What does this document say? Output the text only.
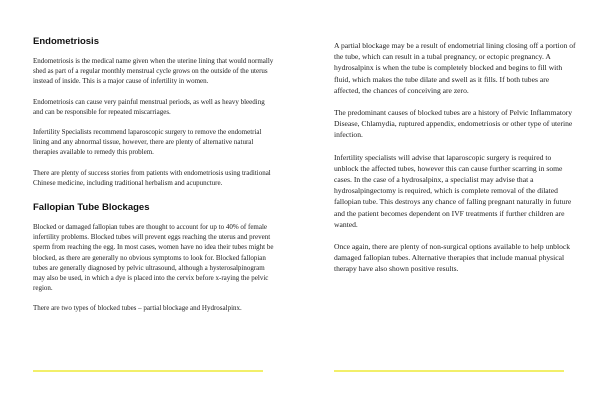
Endometriosis

Endometriosis is the medical name given when the uterine lining that would normally shed as part of a regular monthly menstrual cycle grows on the outside of the uterus instead of inside. This is a major cause of infertility in women.

Endometriosis can cause very painful menstrual periods, as well as heavy bleeding and can be responsible for repeated miscarriages.

Infertility Specialists recommend laparoscopic surgery to remove the endometrial lining and any abnormal tissue, however, there are plenty of alternative natural therapies available to remedy this problem.

There are plenty of success stories from patients with endometriosis using traditional Chinese medicine, including traditional herbalism and acupuncture.

Fallopian Tube Blockages

Blocked or damaged fallopian tubes are thought to account for up to 40% of female infertility problems. Blocked tubes will prevent eggs reaching the uterus and prevent sperm from reaching the egg. In most cases, women have no idea their tubes might be blocked, as there are generally no obvious symptoms to look for. Blocked fallopian tubes are generally diagnosed by pelvic ultrasound, although a hysterosalpinogram may also be used, in which a dye is placed into the cervix before x-raying the pelvic region.

There are two types of blocked tubes – partial blockage and Hydrosalpinx.

A partial blockage may be a result of endometrial lining closing off a portion of the tube, which can result in a tubal pregnancy, or ectopic pregnancy. A hydrosalpinx is when the tube is completely blocked and begins to fill with fluid, which makes the tube dilate and swell as it fills. If both tubes are affected, the chances of conceiving are zero.

The predominant causes of blocked tubes are a history of Pelvic Inflammatory Disease, Chlamydia, ruptured appendix, endometriosis or other type of uterine infection.

Infertility specialists will advise that laparoscopic surgery is required to unblock the affected tubes, however this can cause further scarring in some cases. In the case of a hydrosalpinx, a specialist may advise that a hydrosalpingectomy is required, which is complete removal of the dilated fallopian tube. This destroys any chance of falling pregnant naturally in future and the patient becomes dependent on IVF treatments if further children are wanted.

Once again, there are plenty of non-surgical options available to help unblock damaged fallopian tubes. Alternative therapies that include manual physical therapy have also shown positive results.
